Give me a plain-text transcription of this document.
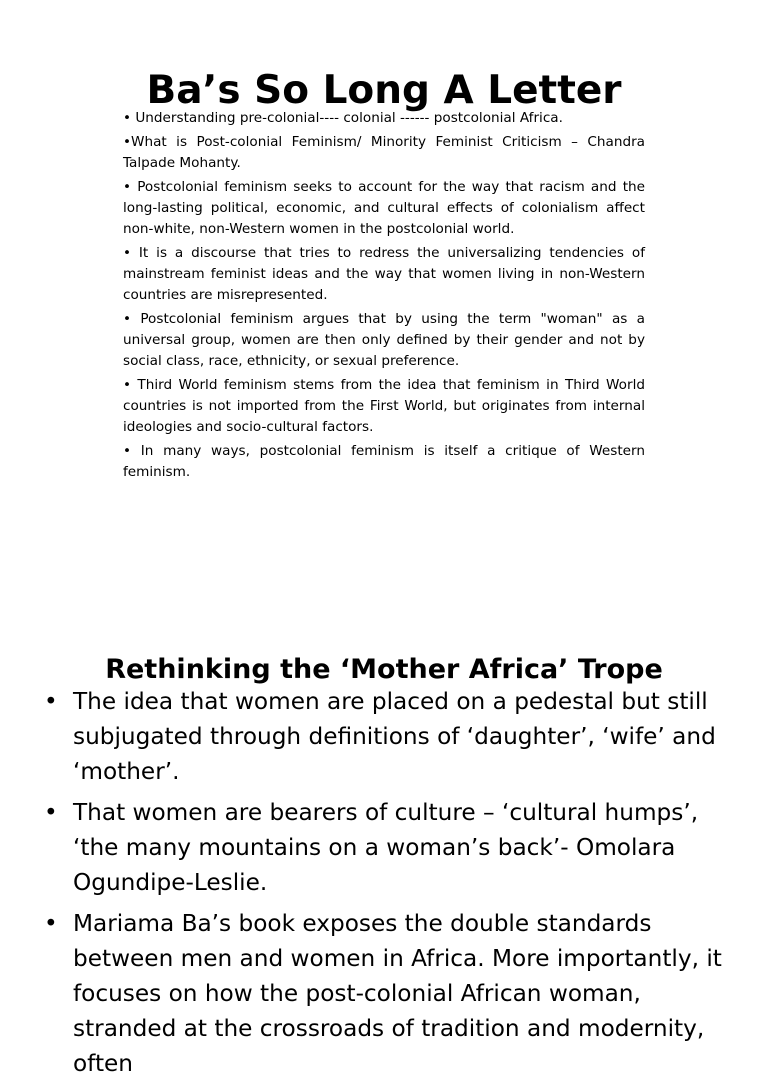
Ba’s So Long A Letter
• Understanding pre-colonial---- colonial ------ postcolonial Africa.
•What is Post-colonial Feminism/ Minority Feminist Criticism – Chandra Talpade Mohanty.
• Postcolonial feminism seeks to account for the way that racism and the long-lasting political, economic, and cultural effects of colonialism affect non-white, non-Western women in the postcolonial world.
• It is a discourse that tries to redress the universalizing tendencies of mainstream feminist ideas and the way that women living in non-Western countries are misrepresented.
• Postcolonial feminism argues that by using the term "woman" as a universal group, women are then only defined by their gender and not by social class, race, ethnicity, or sexual preference.
• Third World feminism stems from the idea that feminism in Third World countries is not imported from the First World, but originates from internal ideologies and socio-cultural factors.
• In many ways, postcolonial feminism is itself a critique of Western feminism.
Rethinking the ‘Mother Africa’ Trope
• The idea that women are placed on a pedestal but still subjugated through definitions of ‘daughter’, ‘wife’ and ‘mother’.
• That women are bearers of culture – ‘cultural humps’, ‘the many mountains on a woman’s back’- Omolara Ogundipe-Leslie.
• Mariama Ba’s book exposes the double standards between men and women in Africa. More importantly, it focuses on how the post-colonial African woman, stranded at the crossroads of tradition and modernity, often
